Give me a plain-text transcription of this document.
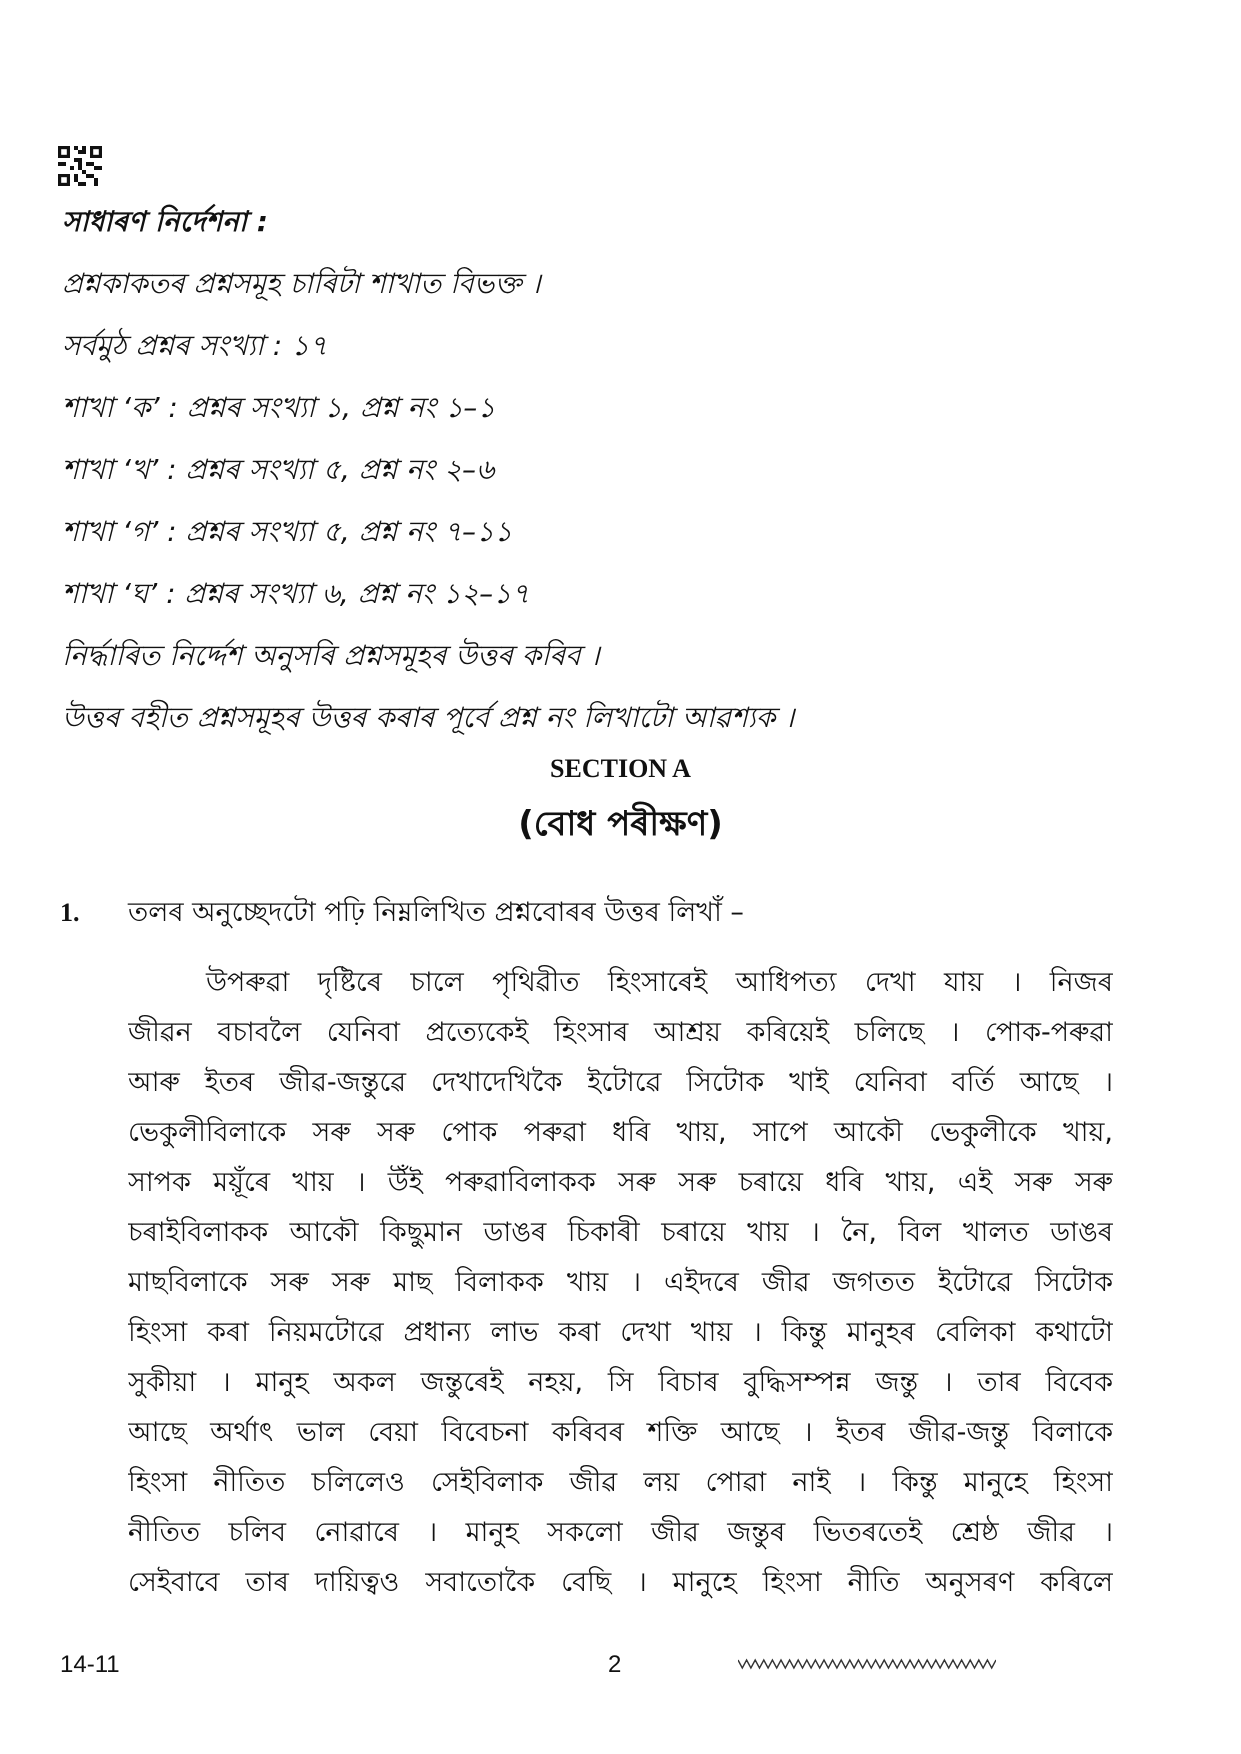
সাধাৰণ নিৰ্দেশনা :
প্ৰশ্নকাকতৰ প্ৰশ্নসমূহ চাৰিটা শাখাত বিভক্ত ।
সৰ্বমুঠ প্ৰশ্নৰ সংখ্যা : ১৭
শাখা ‘ক’ : প্ৰশ্নৰ সংখ্যা ১, প্ৰশ্ন নং ১–১
শাখা ‘খ’ : প্ৰশ্নৰ সংখ্যা ৫, প্ৰশ্ন নং ২–৬
শাখা ‘গ’ : প্ৰশ্নৰ সংখ্যা ৫, প্ৰশ্ন নং ৭–১১
শাখা ‘ঘ’ : প্ৰশ্নৰ সংখ্যা ৬, প্ৰশ্ন নং ১২–১৭
নিৰ্দ্ধাৰিত নিৰ্দ্দেশ অনুসৰি প্ৰশ্নসমূহৰ উত্তৰ কৰিব ।
উত্তৰ বহীত প্ৰশ্নসমূহৰ উত্তৰ কৰাৰ পূৰ্বে প্ৰশ্ন নং লিখাটো আৱশ্যক ।
SECTION A
(বোধ পৰীক্ষণ)
1. তলৰ অনুচ্ছেদটো পঢ়ি নিম্নলিখিত প্ৰশ্নবোৰৰ উত্তৰ লিখাঁ –
উপৰুৱা দৃষ্টিৰে চালে পৃথিৱীত হিংসাৰেই আধিপত্য দেখা যায় । নিজৰ
জীৱন বচাবলৈ যেনিবা প্ৰত্যেকেই হিংসাৰ আশ্ৰয় কৰিয়েই চলিছে । পোক-পৰুৱা
আৰু ইতৰ জীৱ-জন্তুৱে দেখাদেখিকৈ ইটোৱে সিটোক খাই যেনিবা বৰ্তি আছে ।
ভেকুলীবিলাকে সৰু সৰু পোক পৰুৱা ধৰি খায়, সাপে আকৌ ভেকুলীকে খায়,
সাপক ময়ূঁৰে খায় । উঁই পৰুৱাবিলাকক সৰু সৰু চৰায়ে ধৰি খায়, এই সৰু সৰু
চৰাইবিলাকক আকৌ কিছুমান ডাঙৰ চিকাৰী চৰায়ে খায় । নৈ, বিল খালত ডাঙৰ
মাছবিলাকে সৰু সৰু মাছ বিলাকক খায় । এইদৰে জীৱ জগতত ইটোৱে সিটোক
হিংসা কৰা নিয়মটোৱে প্ৰধান্য লাভ কৰা দেখা খায় । কিন্তু মানুহৰ বেলিকা কথাটো
সুকীয়া । মানুহ অকল জন্তুৰেই নহয়, সি বিচাৰ বুদ্ধিসম্পন্ন জন্তু । তাৰ বিবেক
আছে অৰ্থাৎ ভাল বেয়া বিবেচনা কৰিবৰ শক্তি আছে । ইতৰ জীৱ-জন্তু বিলাকে
হিংসা নীতিত চলিলেও সেইবিলাক জীৱ লয় পোৱা নাই । কিন্তু মানুহে হিংসা
নীতিত চলিব নোৱাৰে । মানুহ সকলো জীৱ জন্তুৰ ভিতৰতেই শ্ৰেষ্ঠ জীৱ ।
সেইবাবে তাৰ দায়িত্বও সবাতোকৈ বেছি । মানুহে হিংসা নীতি অনুসৰণ কৰিলে
14-11	2
